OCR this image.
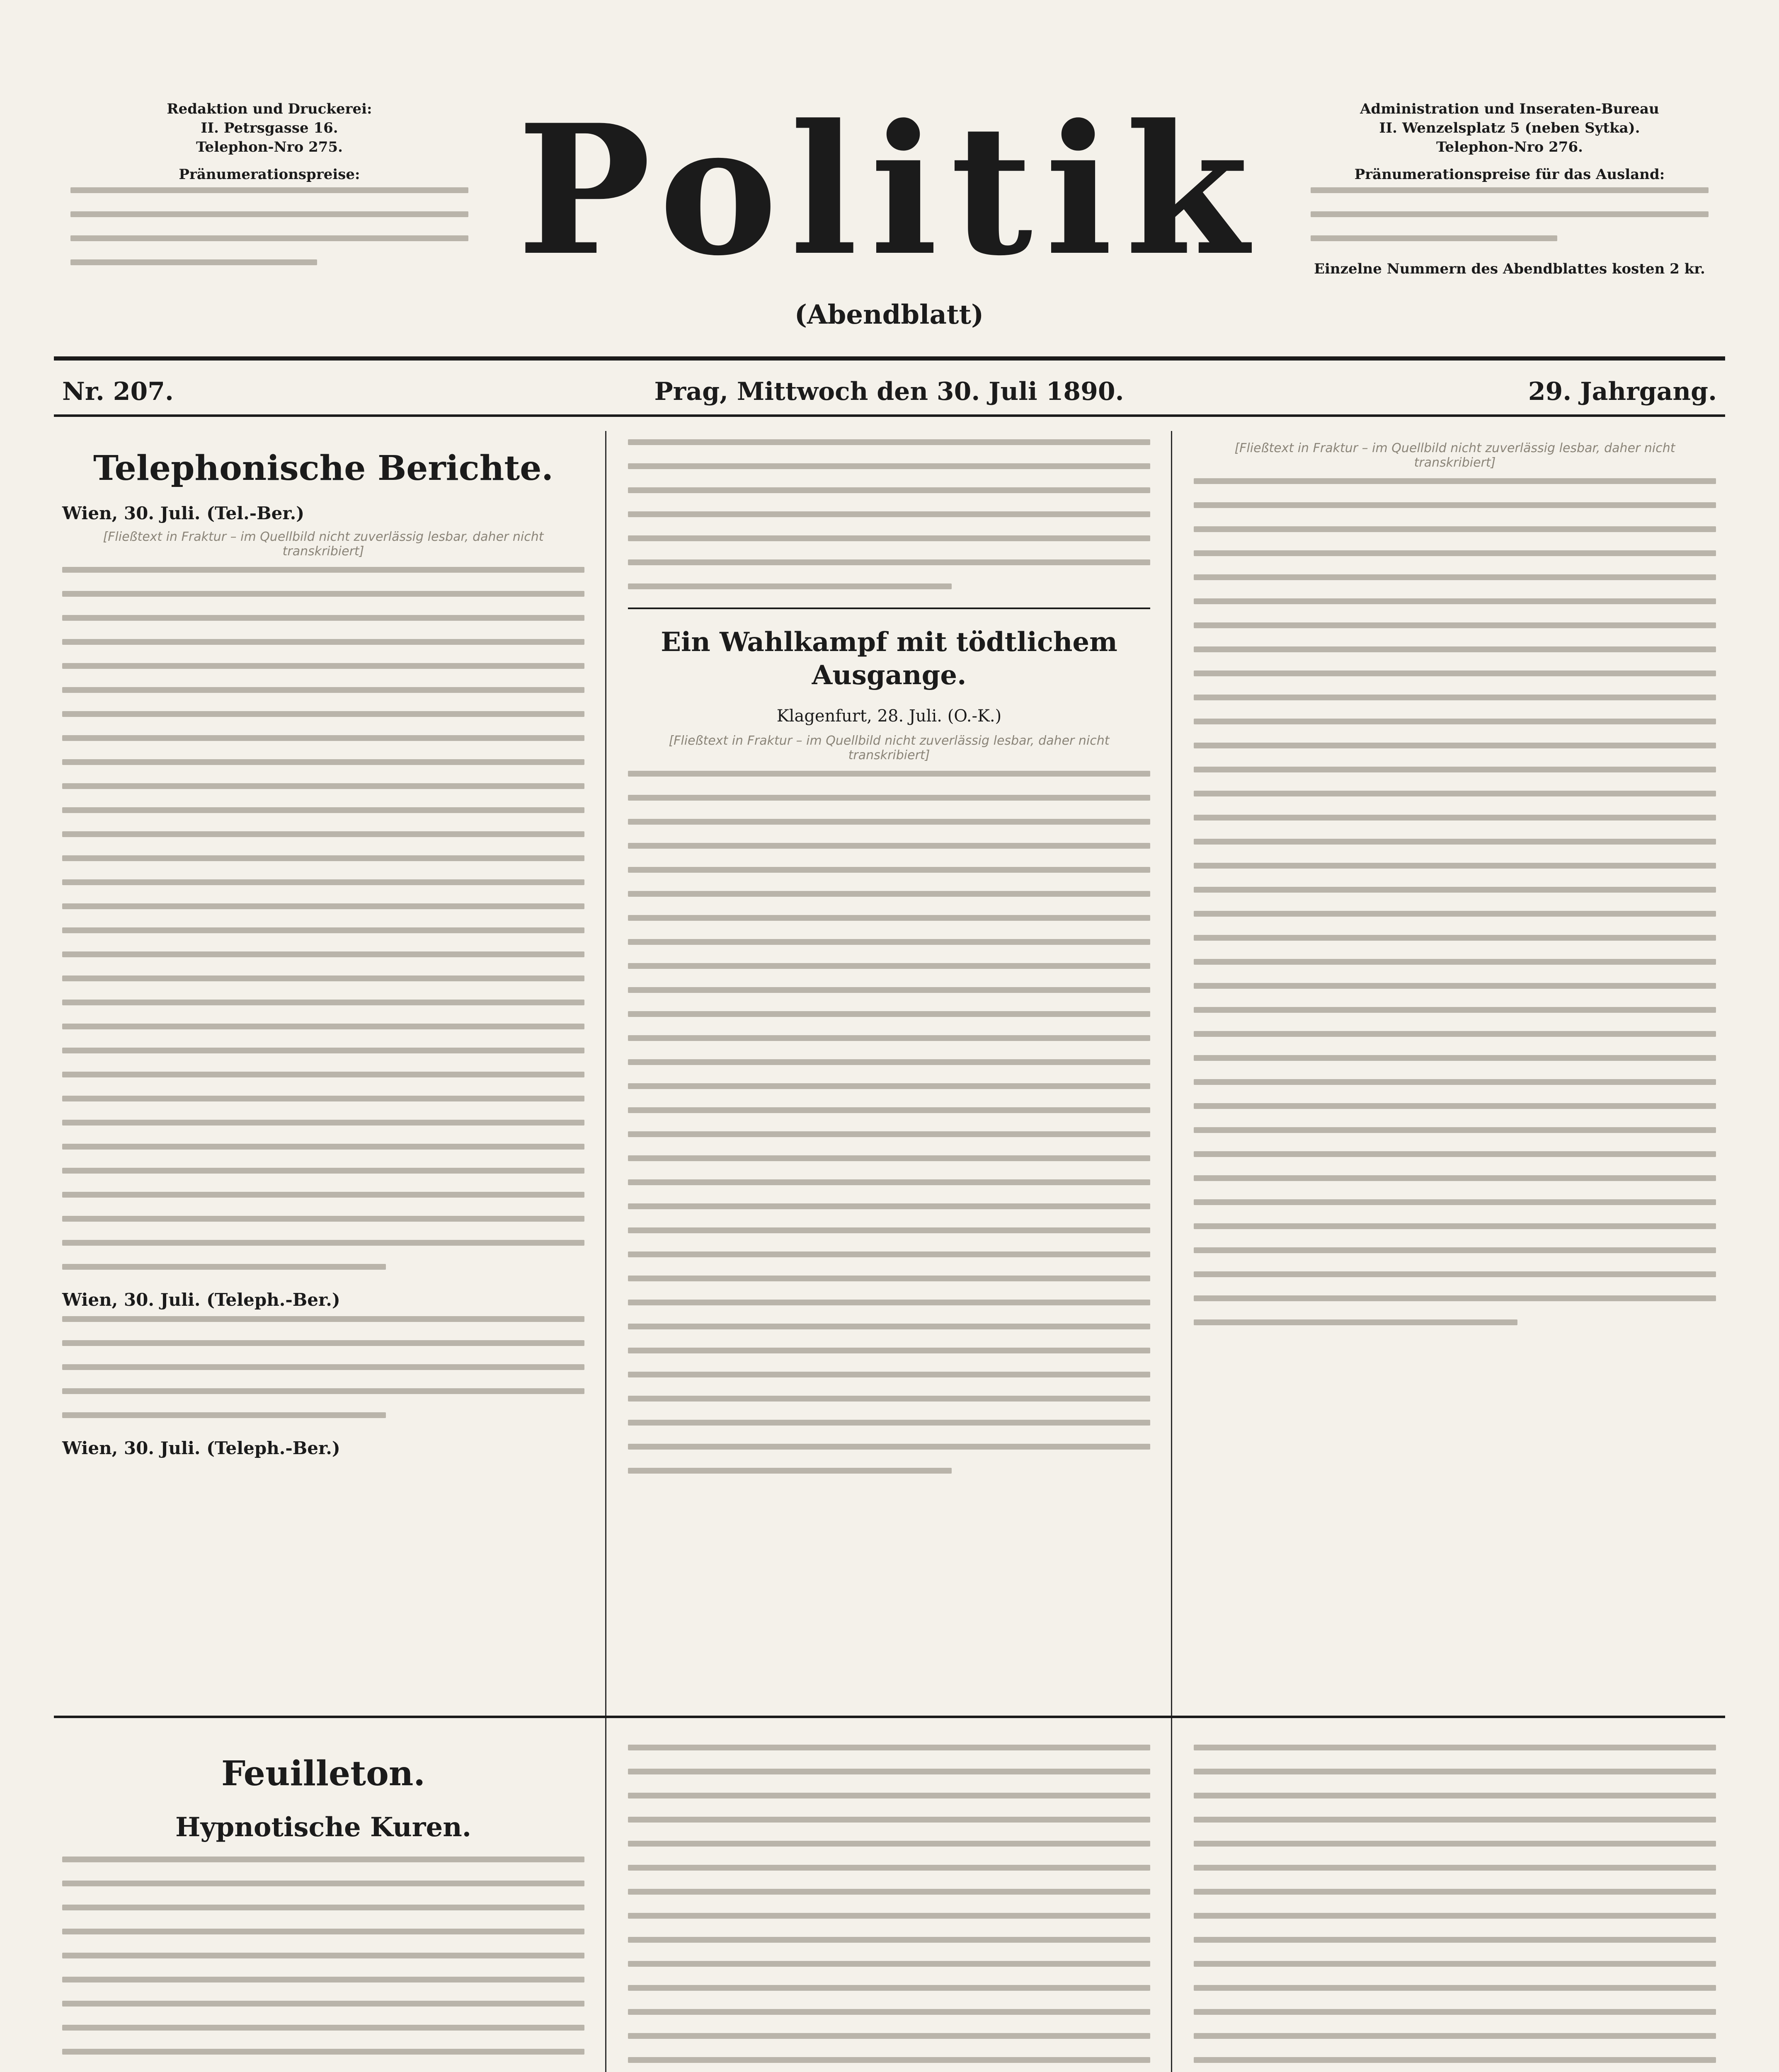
Redaktion und Druckerei:
II. Petrsgasse 16.
Telephon-Nro 275.
Pränumerationspreise: Politik
(Abendblatt)
Administration und Inseraten-Bureau
II. Wenzelsplatz 5 (neben Sytka).
Telephon-Nro 276.
Pränumerationspreise für das Ausland:
Einzelne Nummern des Abendblattes kosten 2 kr.
Nr. 207.	Prag, Mittwoch den 30. Juli 1890.	29. Jahrgang.
Telephonische Berichte.
Wien, 30. Juli. (Tel.-Ber.)
[Fließtext in Fraktur – im Quellbild nicht zuverlässig lesbar, daher nicht transkribiert]
Wien, 30. Juli. (Teleph.-Ber.)
Wien, 30. Juli. (Teleph.-Ber.)
Ein Wahlkampf mit tödtlichem Ausgange.
Klagenfurt, 28. Juli. (O.-K.)
[Fließtext in Fraktur – im Quellbild nicht zuverlässig lesbar, daher nicht transkribiert]
[Fließtext in Fraktur – im Quellbild nicht zuverlässig lesbar, daher nicht transkribiert]
Feuilleton.
Hypnotische Kuren.
